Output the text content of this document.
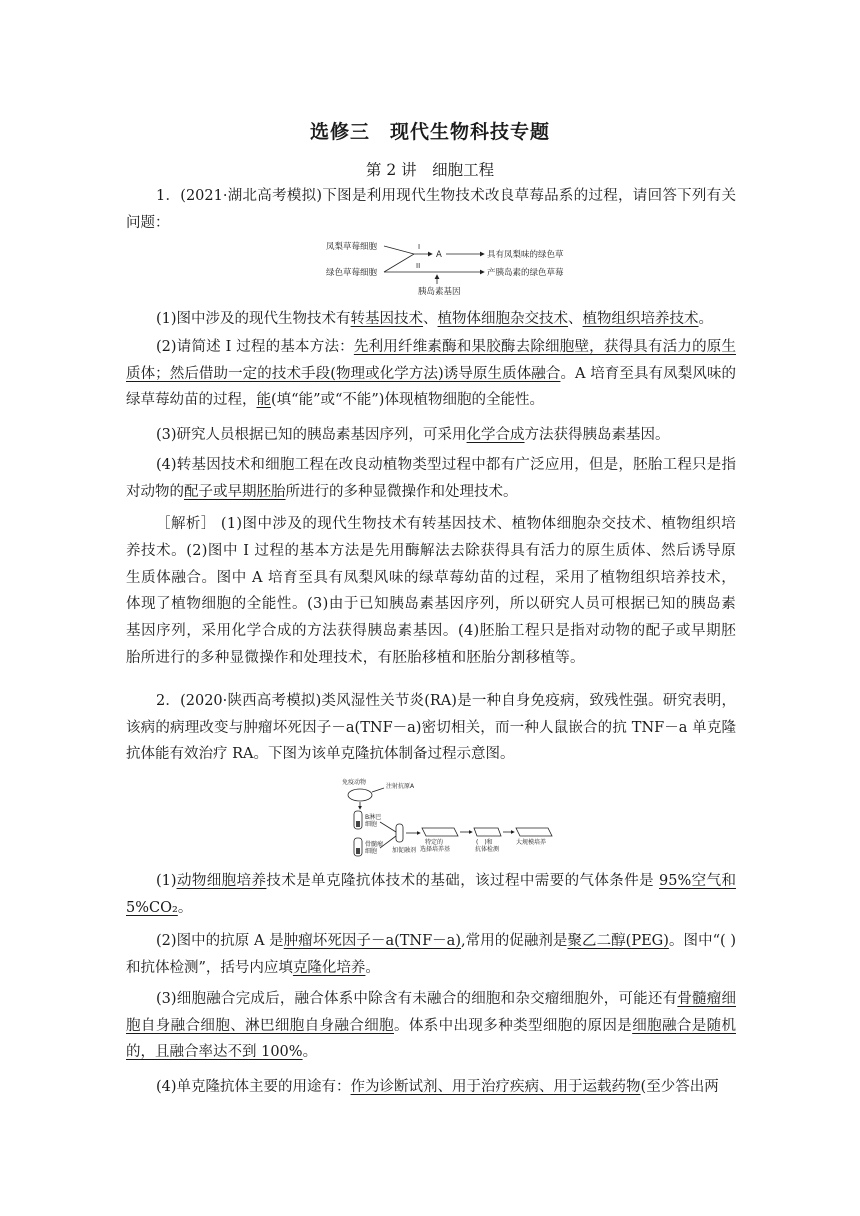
选修三　现代生物科技专题
第 2 讲　细胞工程
1．(2021·湖北高考模拟)下图是利用现代生物技术改良草莓品系的过程，请回答下列有关问题：
凤梨草莓细胞
绿色草莓细胞
I
A	具有凤梨味的绿色草莓
II
产胰岛素的绿色草莓
胰岛素基因
(1)图中涉及的现代生物技术有转基因技术、植物体细胞杂交技术、植物组织培养技术。
(2)请简述 I 过程的基本方法：先利用纤维素酶和果胶酶去除细胞壁，获得具有活力的原生质体；然后借助一定的技术手段(物理或化学方法)诱导原生质体融合。A 培育至具有凤梨风味的绿草莓幼苗的过程，能(填“能”或“不能”)体现植物细胞的全能性。
(3)研究人员根据已知的胰岛素基因序列，可采用化学合成方法获得胰岛素基因。
(4)转基因技术和细胞工程在改良动植物类型过程中都有广泛应用，但是，胚胎工程只是指对动物的配子或早期胚胎所进行的多种显微操作和处理技术。
［解析］ (1)图中涉及的现代生物技术有转基因技术、植物体细胞杂交技术、植物组织培养技术。(2)图中 I 过程的基本方法是先用酶解法去除获得具有活力的原生质体、然后诱导原生质体融合。图中 A 培育至具有凤梨风味的绿草莓幼苗的过程，采用了植物组织培养技术，体现了植物细胞的全能性。(3)由于已知胰岛素基因序列，所以研究人员可根据已知的胰岛素基因序列，采用化学合成的方法获得胰岛素基因。(4)胚胎工程只是指对动物的配子或早期胚胎所进行的多种显微操作和处理技术，有胚胎移植和胚胎分割移植等。
2．(2020·陕西高考模拟)类风湿性关节炎(RA)是一种自身免疫病，致残性强。研究表明，该病的病理改变与肿瘤坏死因子－a(TNF－a)密切相关，而一种人鼠嵌合的抗 TNF－a 单克隆抗体能有效治疗 RA。下图为该单克隆抗体制备过程示意图。
免疫动物
注射抗原A
B淋巴细胞
骨髓瘤细胞	加促融剂
特定的选择培养基
(　)和抗体检测
大规模培养
(1)动物细胞培养技术是单克隆抗体技术的基础，该过程中需要的气体条件是 95%空气和 5%CO₂。
(2)图中的抗原 A 是肿瘤坏死因子－a(TNF－a),常用的促融剂是聚乙二醇(PEG)。图中“( )和抗体检测”，括号内应填克隆化培养。
(3)细胞融合完成后，融合体系中除含有未融合的细胞和杂交瘤细胞外，可能还有骨髓瘤细胞自身融合细胞、淋巴细胞自身融合细胞。体系中出现多种类型细胞的原因是细胞融合是随机的，且融合率达不到 100%。
(4)单克隆抗体主要的用途有：作为诊断试剂、用于治疗疾病、用于运载药物(至少答出两
